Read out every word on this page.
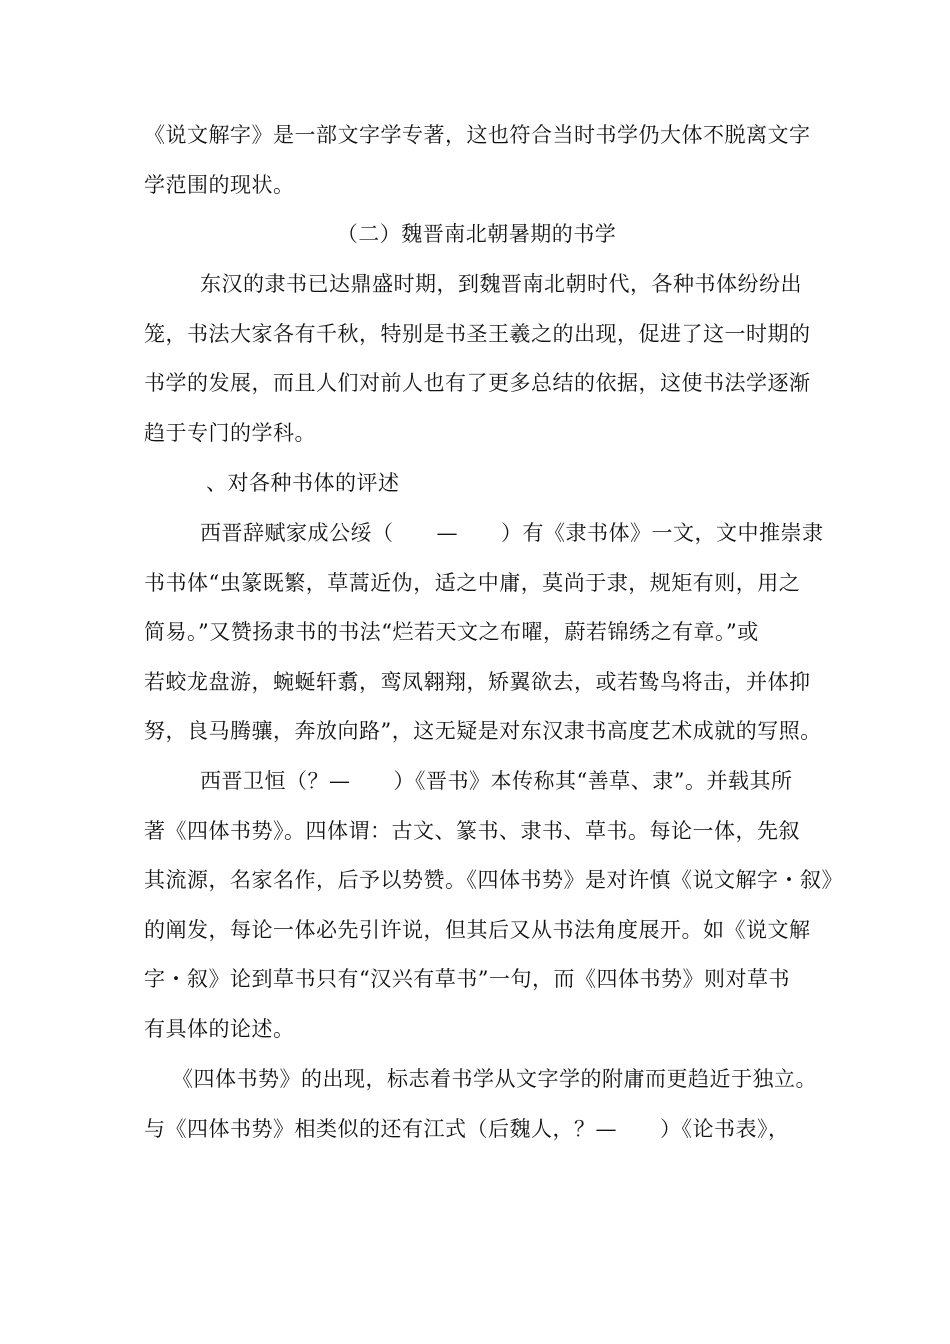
《说文解字》是一部文字学专著，这也符合当时书学仍大体不脱离文字
学范围的现状。
（二）魏晋南北朝暑期的书学
东汉的隶书已达鼎盛时期，到魏晋南北朝时代，各种书体纷纷出
笼，书法大家各有千秋，特别是书圣王羲之的出现，促进了这一时期的
书学的发展，而且人们对前人也有了更多总结的依据，这使书法学逐渐
趋于专门的学科。
、对各种书体的评述
西晋辞赋家成公绥（　　—　　）有《隶书体》一文，文中推崇隶
书书体“虫篆既繁，草蒿近伪，适之中庸，莫尚于隶，规矩有则，用之
简易。”又赞扬隶书的书法“烂若天文之布曜，蔚若锦绣之有章。”或
若蛟龙盘游，蜿蜒轩翥，鸾凤翱翔，矫翼欲去，或若鸷鸟将击，并体抑
努，良马腾骧，奔放向路”，这无疑是对东汉隶书高度艺术成就的写照。
西晋卫恒（？—　　）《晋书》本传称其“善草、隶”。并载其所
著《四体书势》。四体谓：古文、篆书、隶书、草书。每论一体，先叙
其流源，名家名作，后予以势赞。《四体书势》是对许慎《说文解字・叙》
的阐发，每论一体必先引许说，但其后又从书法角度展开。如《说文解
字・叙》论到草书只有“汉兴有草书”一句，而《四体书势》则对草书
有具体的论述。
《四体书势》的出现，标志着书学从文字学的附庸而更趋近于独立。
与《四体书势》相类似的还有江式（后魏人，？—　　）《论书表》，
